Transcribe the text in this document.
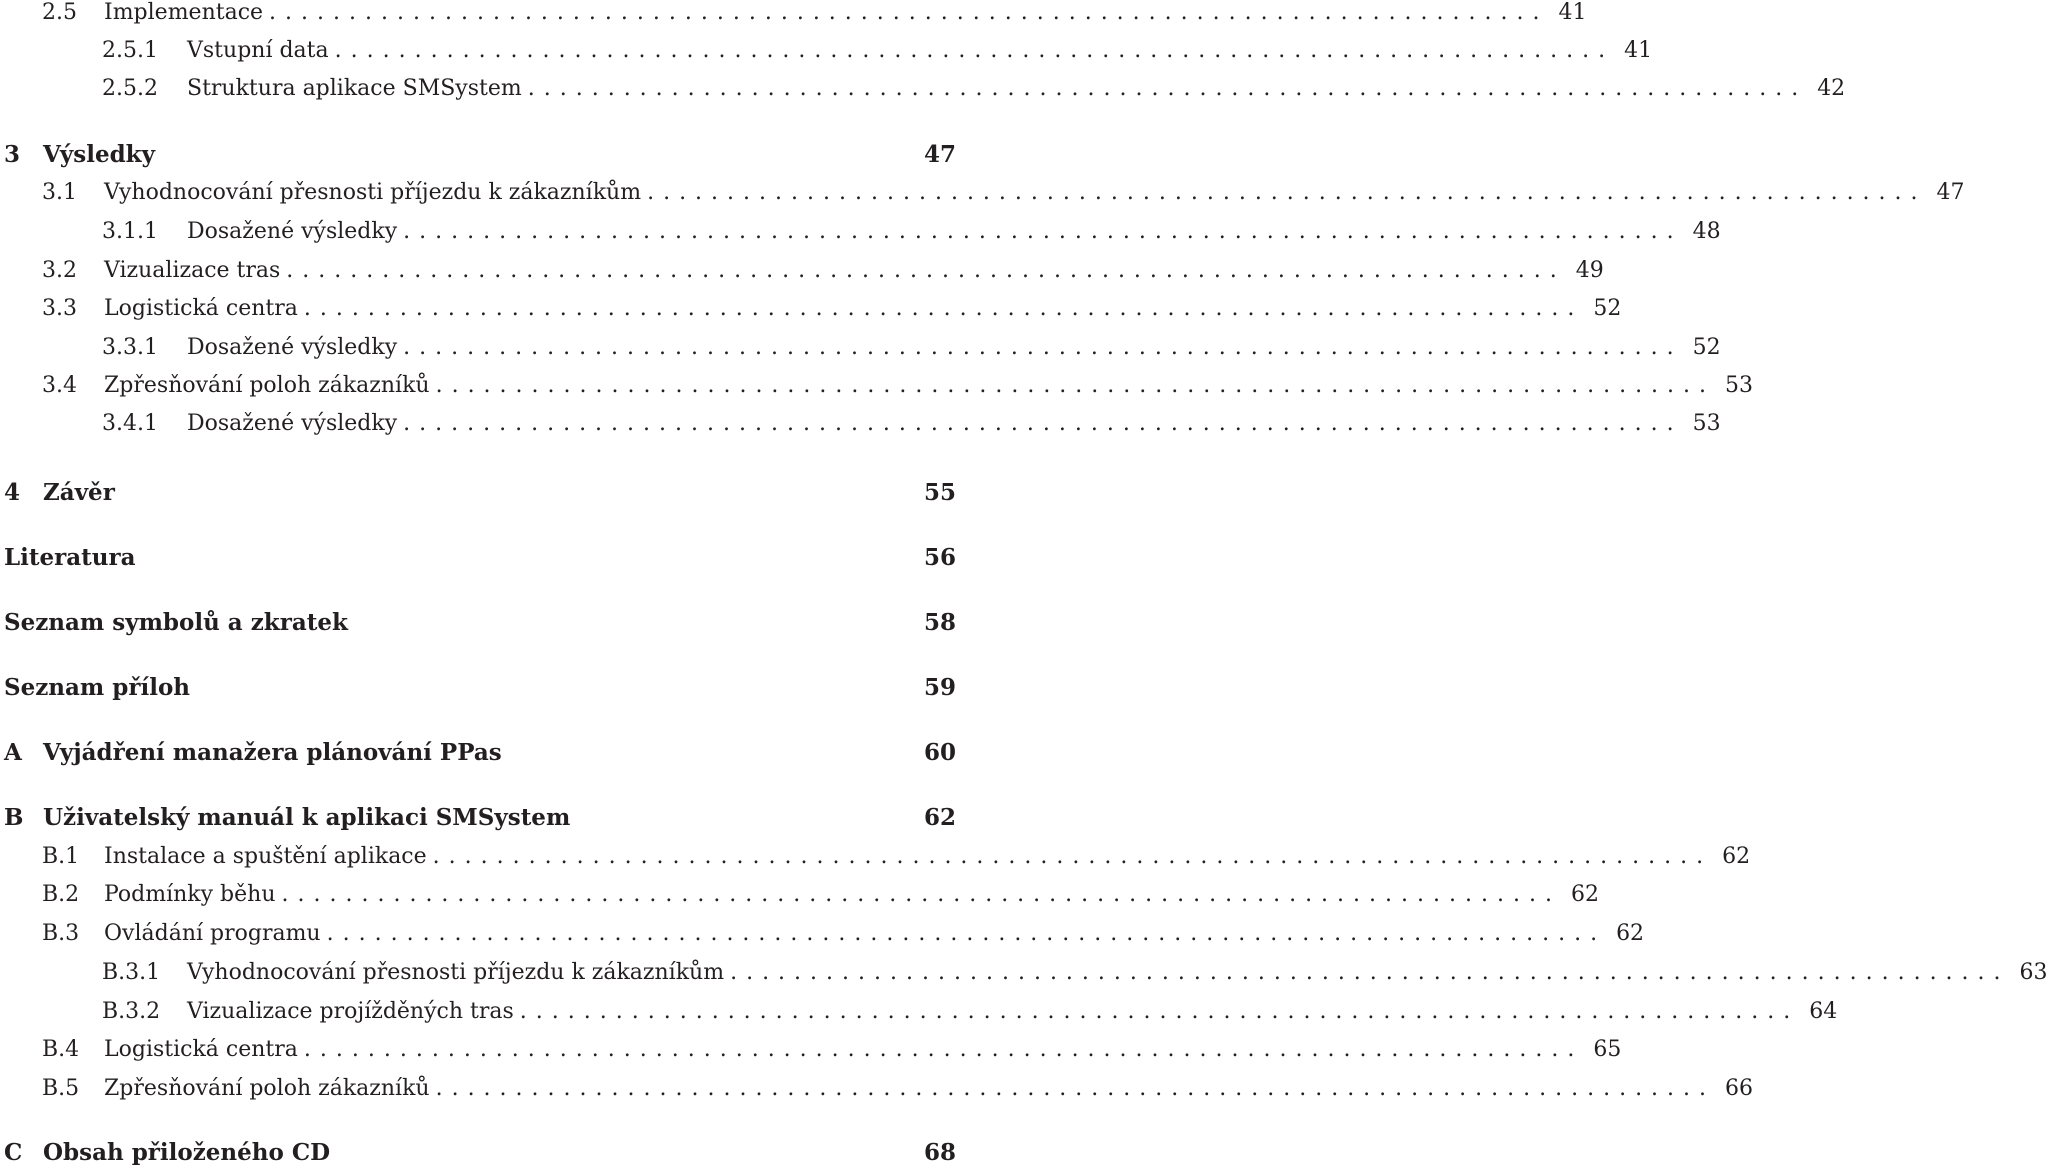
2.5	Implementace ................................................................................ 41
2.5.1	Vstupní data ................................................................................ 41
2.5.2	Struktura aplikace SMSystem ................................................................................ 42
3 Výsledky	47
3.1	Vyhodnocování přesnosti příjezdu k zákazníkům ................................................................................ 47
3.1.1	Dosažené výsledky ................................................................................ 48
3.2	Vizualizace tras ................................................................................ 49
3.3	Logistická centra ................................................................................ 52
3.3.1	Dosažené výsledky ................................................................................ 52
3.4	Zpřesňování poloh zákazníků ................................................................................ 53
3.4.1	Dosažené výsledky ................................................................................ 53
4 Závěr	55
Literatura	56
Seznam symbolů a zkratek	58
Seznam příloh	59
A Vyjádření manažera plánování PPas	60
B Uživatelský manuál k aplikaci SMSystem	62
B.1	Instalace a spuštění aplikace ................................................................................ 62
B.2	Podmínky běhu ................................................................................ 62
B.3	Ovládání programu ................................................................................ 62
B.3.1	Vyhodnocování přesnosti příjezdu k zákazníkům ................................................................................ 63
B.3.2	Vizualizace projížděných tras ................................................................................ 64
B.4	Logistická centra ................................................................................ 65
B.5	Zpřesňování poloh zákazníků ................................................................................ 66
C Obsah přiloženého CD	68
